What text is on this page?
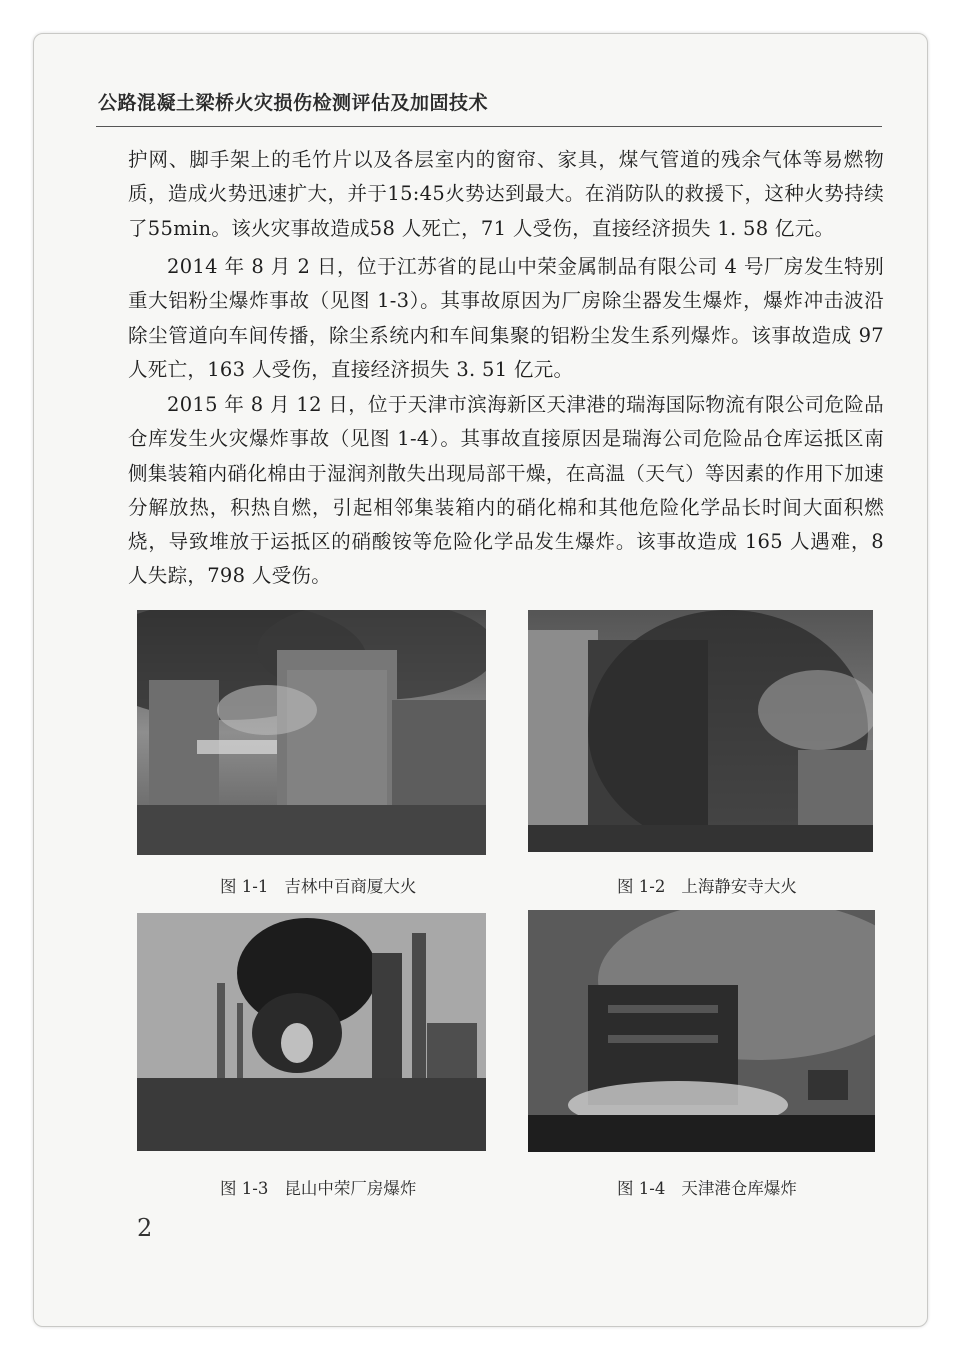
公路混凝土梁桥火灾损伤检测评估及加固技术

护网、脚手架上的毛竹片以及各层室内的窗帘、家具，煤气管道的残余气体等易燃物质，造成火势迅速扩大，并于15:45火势达到最大。在消防队的救援下，这种火势持续了55min。该火灾事故造成58 人死亡，71 人受伤，直接经济损失 1. 58 亿元。

2014 年 8 月 2 日，位于江苏省的昆山中荣金属制品有限公司 4 号厂房发生特别重大铝粉尘爆炸事故（见图 1-3）。其事故原因为厂房除尘器发生爆炸，爆炸冲击波沿除尘管道向车间传播，除尘系统内和车间集聚的铝粉尘发生系列爆炸。该事故造成 97 人死亡，163 人受伤，直接经济损失 3. 51 亿元。

2015 年 8 月 12 日，位于天津市滨海新区天津港的瑞海国际物流有限公司危险品仓库发生火灾爆炸事故（见图 1-4）。其事故直接原因是瑞海公司危险品仓库运抵区南侧集装箱内硝化棉由于湿润剂散失出现局部干燥，在高温（天气）等因素的作用下加速分解放热，积热自燃，引起相邻集装箱内的硝化棉和其他危险化学品长时间大面积燃烧，导致堆放于运抵区的硝酸铵等危险化学品发生爆炸。该事故造成 165 人遇难，8 人失踪，798 人受伤。

图 1-1 吉林中百商厦大火	图 1-2 上海静安寺大火
图 1-3 昆山中荣厂房爆炸	图 1-4 天津港仓库爆炸
2
